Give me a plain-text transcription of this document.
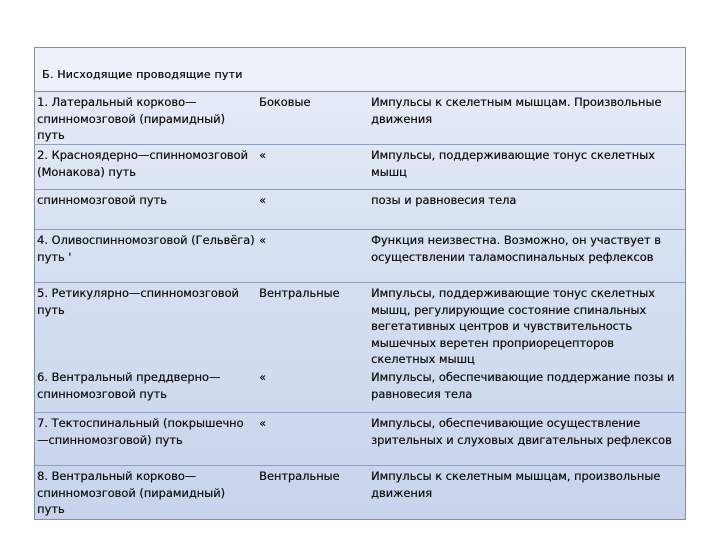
Б. Нисходящие проводящие пути
1. Латеральный корково—
спинномозговой (пирамидный)
путь
Боковые	Импульсы к скелетным мышцам. Произвольные
движения
2. Красноядерно—спинномозговой
(Монакова) путь
«	Импульсы, поддерживающие тонус скелетных
мышц
спинномозговой путь	«	позы и равновесия тела
4. Оливоспинномозговой (Гельвёга)
путь '
«	Функция неизвестна. Возможно, он участвует в
осуществлении таламоспинальных рефлексов
5. Ретикулярно—спинномозговой
путь
Вентральные	Импульсы, поддерживающие тонус скелетных
мышц, регулирующие состояние спинальных
вегетативных центров и чувствительность
мышечных веретен проприорецепторов
скелетных мышц
6. Вентральный преддверно—
спинномозговой путь
«	Импульсы, обеспечивающие поддержание позы и
равновесия тела
7. Тектоспинальный (покрышечно
—спинномозговой) путь
«	Импульсы, обеспечивающие осуществление
зрительных и слуховых двигательных рефлексов
8. Вентральный корково—
спинномозговой (пирамидный)
путь
Вентральные	Импульсы к скелетным мышцам, произвольные
движения
